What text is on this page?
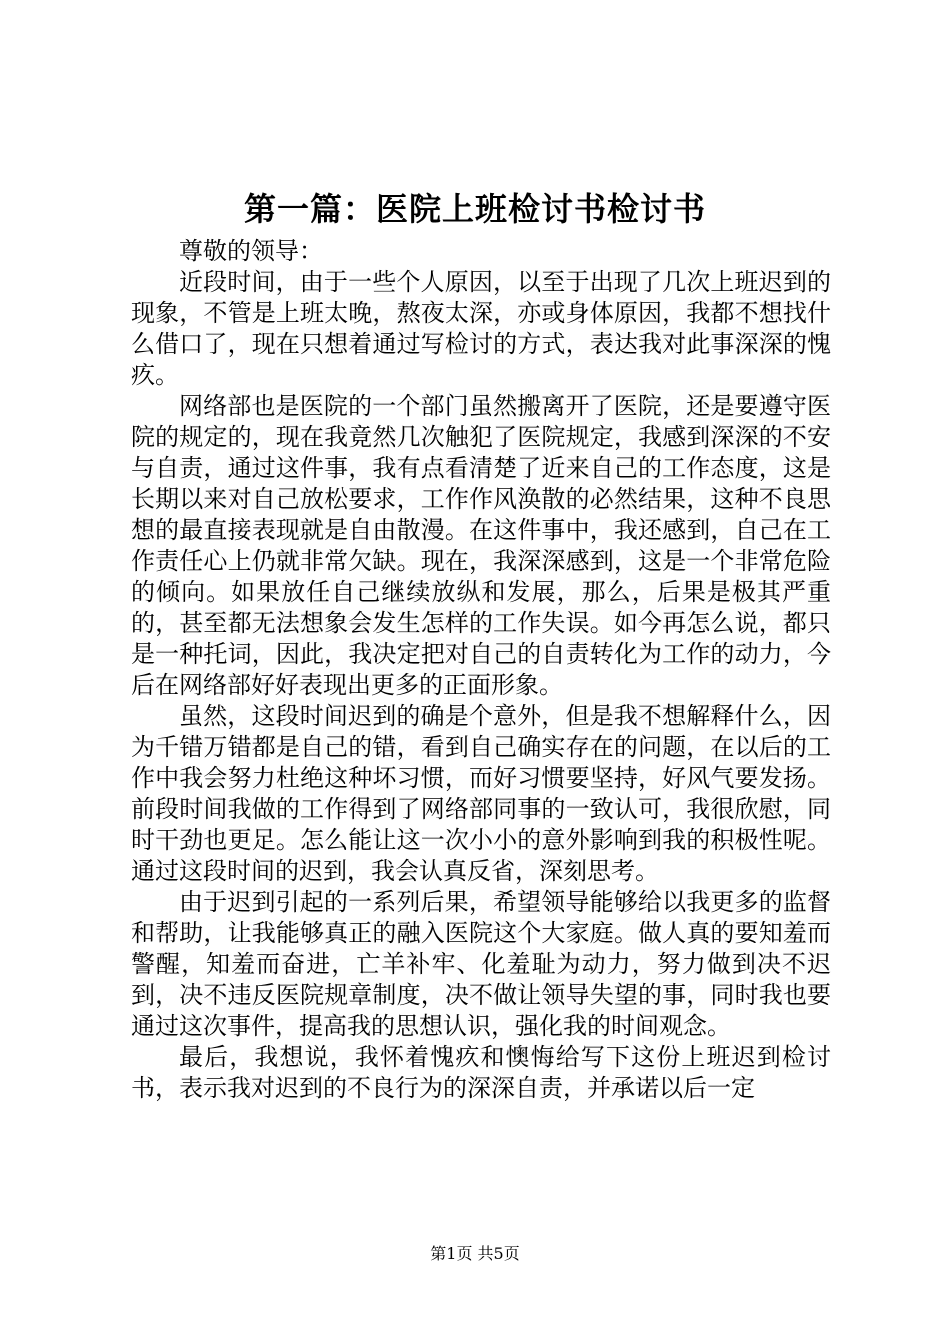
第一篇：医院上班检讨书检讨书

尊敬的领导：

近段时间，由于一些个人原因，以至于出现了几次上班迟到的现象，不管是上班太晚，熬夜太深，亦或身体原因，我都不想找什么借口了，现在只想着通过写检讨的方式，表达我对此事深深的愧疚。

网络部也是医院的一个部门虽然搬离开了医院，还是要遵守医院的规定的，现在我竟然几次触犯了医院规定，我感到深深的不安与自责，通过这件事，我有点看清楚了近来自己的工作态度，这是长期以来对自己放松要求，工作作风涣散的必然结果，这种不良思想的最直接表现就是自由散漫。在这件事中，我还感到，自己在工作责任心上仍就非常欠缺。现在，我深深感到，这是一个非常危险的倾向。如果放任自己继续放纵和发展，那么，后果是极其严重的，甚至都无法想象会发生怎样的工作失误。如今再怎么说，都只是一种托词，因此，我决定把对自己的自责转化为工作的动力，今后在网络部好好表现出更多的正面形象。

虽然，这段时间迟到的确是个意外，但是我不想解释什么，因为千错万错都是自己的错，看到自己确实存在的问题，在以后的工作中我会努力杜绝这种坏习惯，而好习惯要坚持，好风气要发扬。前段时间我做的工作得到了网络部同事的一致认可，我很欣慰，同时干劲也更足。怎么能让这一次小小的意外影响到我的积极性呢。通过这段时间的迟到，我会认真反省，深刻思考。

由于迟到引起的一系列后果，希望领导能够给以我更多的监督和帮助，让我能够真正的融入医院这个大家庭。做人真的要知羞而警醒，知羞而奋进，亡羊补牢、化羞耻为动力，努力做到决不迟到，决不违反医院规章制度，决不做让领导失望的事，同时我也要通过这次事件，提高我的思想认识，强化我的时间观念。

最后，我想说，我怀着愧疚和懊悔给写下这份上班迟到检讨书，表示我对迟到的不良行为的深深自责，并承诺以后一定

第1页 共5页
